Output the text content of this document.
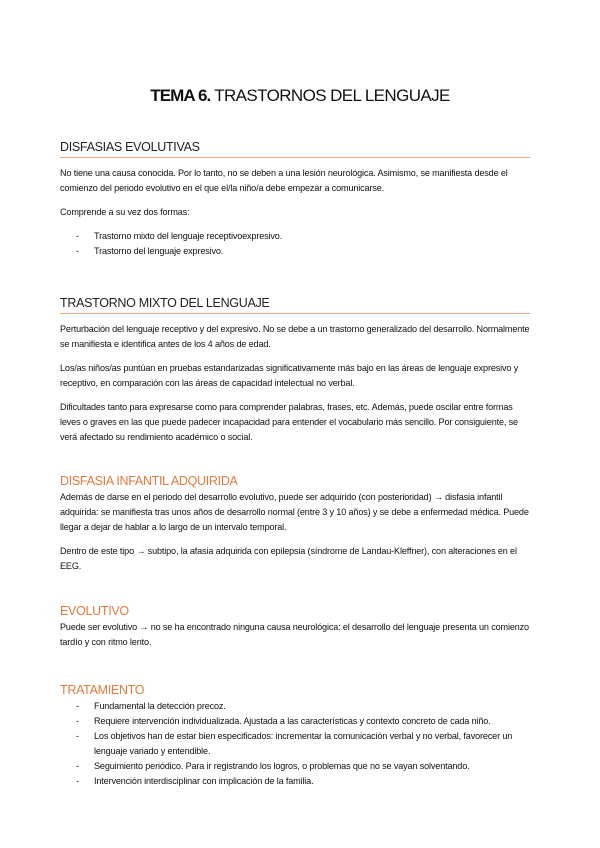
TEMA 6. TRASTORNOS DEL LENGUAJE
DISFASIAS EVOLUTIVAS

No tiene una causa conocida. Por lo tanto, no se deben a una lesión neurológica. Asimismo, se manifiesta desde el comienzo del periodo evolutivo en el que el/la niño/a debe empezar a comunicarse.

Comprende a su vez dos formas:

- Trastorno mixto del lenguaje receptivoexpresivo.
- Trastorno del lenguaje expresivo.
TRASTORNO MIXTO DEL LENGUAJE

Perturbación del lenguaje receptivo y del expresivo. No se debe a un trastorno generalizado del desarrollo. Normalmente se manifiesta e identifica antes de los 4 años de edad.

Los/as niños/as puntúan en pruebas estandarizadas significativamente más bajo en las áreas de lenguaje expresivo y receptivo, en comparación con las áreas de capacidad intelectual no verbal.

Dificultades tanto para expresarse como para comprender palabras, frases, etc. Además, puede oscilar entre formas leves o graves en las que puede padecer incapacidad para entender el vocabulario más sencillo. Por consiguiente, se verá afectado su rendimiento académico o social.

DISFASIA INFANTIL ADQUIRIDA

Además de darse en el periodo del desarrollo evolutivo, puede ser adquirido (con posterioridad) → disfasia infantil adquirida: se manifiesta tras unos años de desarrollo normal (entre 3 y 10 años) y se debe a enfermedad médica. Puede llegar a dejar de hablar a lo largo de un intervalo temporal.

Dentro de este tipo → subtipo, la afasia adquirida con epilepsia (síndrome de Landau-Kleffner), con alteraciones en el EEG.

EVOLUTIVO

Puede ser evolutivo → no se ha encontrado ninguna causa neurológica: el desarrollo del lenguaje presenta un comienzo tardío y con ritmo lento.

TRATAMIENTO
- Fundamental la detección precoz.
- Requiere intervención individualizada. Ajustada a las características y contexto concreto de cada niño.
- Los objetivos han de estar bien especificados: incrementar la comunicación verbal y no verbal, favorecer un lenguaje variado y entendible.
- Seguimiento periódico. Para ir registrando los logros, o problemas que no se vayan solventando.
- Intervención interdisciplinar con implicación de la familia.
